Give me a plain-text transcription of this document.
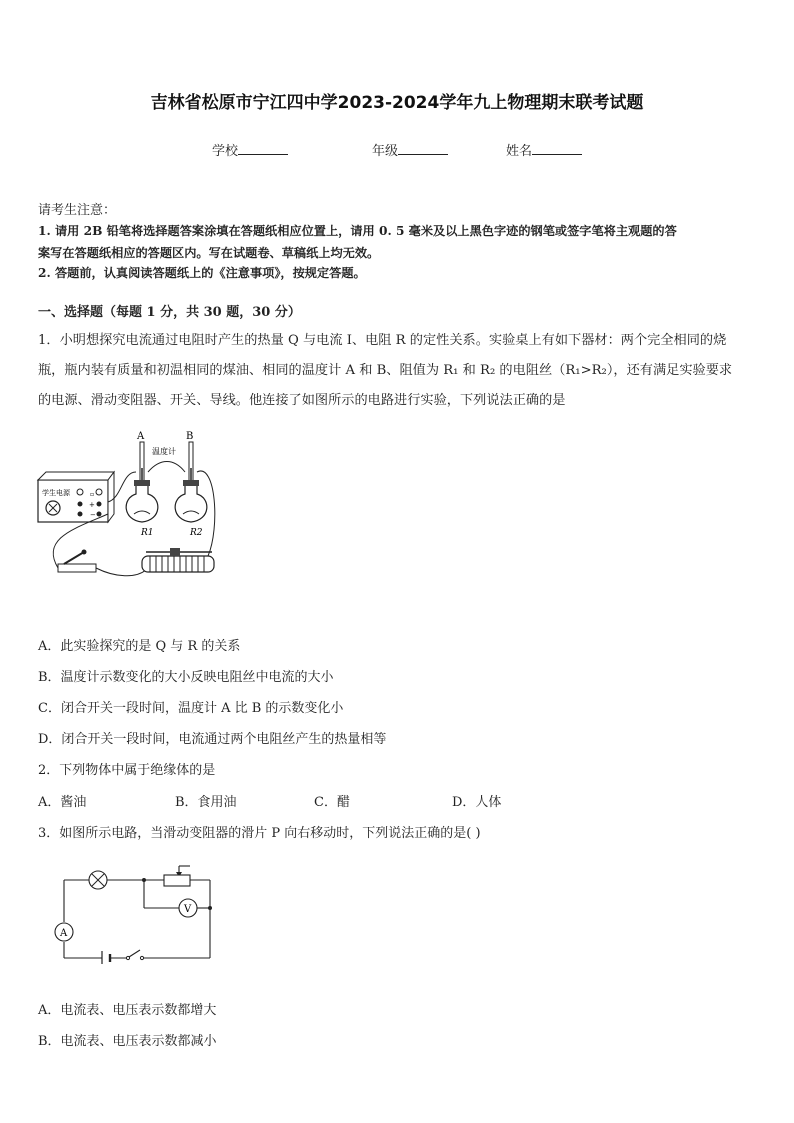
吉林省松原市宁江四中学2023-2024学年九上物理期末联考试题
学校	年级	姓名
请考生注意：
1. 请用 2B 铅笔将选择题答案涂填在答题纸相应位置上，请用 0. 5 毫米及以上黑色字迹的钢笔或签字笔将主观题的答
案写在答题纸相应的答题区内。写在试题卷、草稿纸上均无效。
2. 答题前，认真阅读答题纸上的《注意事项》，按规定答题。
一、选择题（每题 1 分，共 30 题，30 分）
1．小明想探究电流通过电阻时产生的热量 Q 与电流 I、电阻 R 的定性关系。实验桌上有如下器材：两个完全相同的烧
瓶，瓶内装有质量和初温相同的煤油、相同的温度计 A 和 B、阻值为 R₁ 和 R₂ 的电阻丝（R₁>R₂），还有满足实验要求
的电源、滑动变阻器、开关、导线。他连接了如图所示的电路进行实验，下列说法正确的是
学生电源	▫
+
−
A	B
温度计
R1	R2
A．此实验探究的是 Q 与 R 的关系
B．温度计示数变化的大小反映电阻丝中电流的大小
C．闭合开关一段时间，温度计 A 比 B 的示数变化小
D．闭合开关一段时间，电流通过两个电阻丝产生的热量相等
2．下列物体中属于绝缘体的是
A．酱油	B．食用油	C．醋	D．人体
3．如图所示电路，当滑动变阻器的滑片 P 向右移动时，下列说法正确的是( )
V
A
A．电流表、电压表示数都增大
B．电流表、电压表示数都减小
